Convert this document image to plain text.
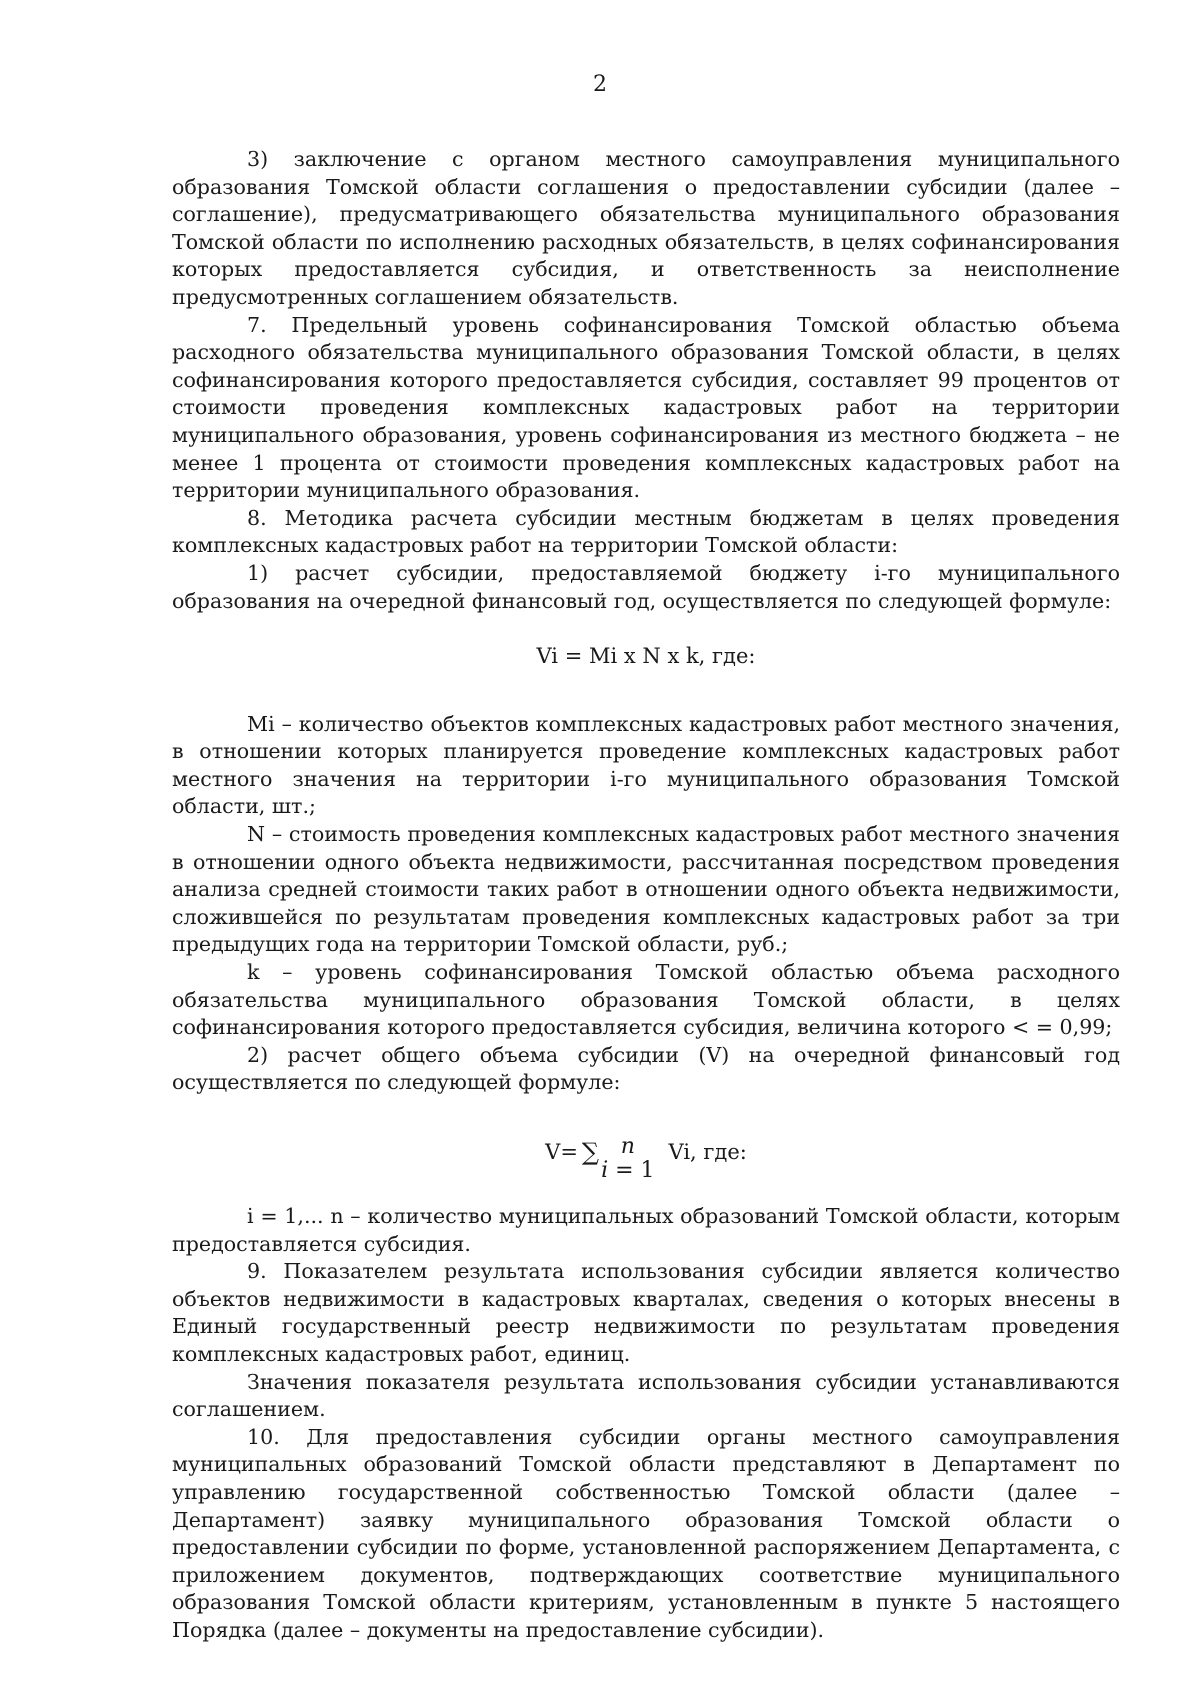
2

3) заключение с органом местного самоуправления муниципального образования Томской области соглашения о предоставлении субсидии (далее – соглашение), предусматривающего обязательства муниципального образования Томской области по исполнению расходных обязательств, в целях софинансирования которых предоставляется субсидия, и ответственность за неисполнение предусмотренных соглашением обязательств.

7. Предельный уровень софинансирования Томской областью объема расходного обязательства муниципального образования Томской области, в целях софинансирования которого предоставляется субсидия, составляет 99 процентов от стоимости проведения комплексных кадастровых работ на территории муниципального образования, уровень софинансирования из местного бюджета – не менее 1 процента от стоимости проведения комплексных кадастровых работ на территории муниципального образования.

8. Методика расчета субсидии местным бюджетам в целях проведения комплексных кадастровых работ на территории Томской области:

1) расчет субсидии, предоставляемой бюджету i-го муниципального образования на очередной финансовый год, осуществляется по следующей формуле:

Vi = Mi x N x k, где:

Mi – количество объектов комплексных кадастровых работ местного значения, в отношении которых планируется проведение комплексных кадастровых работ местного значения на территории i-го муниципального образования Томской области, шт.;

N – стоимость проведения комплексных кадастровых работ местного значения в отношении одного объекта недвижимости, рассчитанная посредством проведения анализа средней стоимости таких работ в отношении одного объекта недвижимости, сложившейся по результатам проведения комплексных кадастровых работ за три предыдущих года на территории Томской области, руб.;

k – уровень софинансирования Томской областью объема расходного обязательства муниципального образования Томской области, в целях софинансирования которого предоставляется субсидия, величина которого < = 0,99;

2) расчет общего объема субсидии (V) на очередной финансовый год осуществляется по следующей формуле:

V= ∑ n
i = 1
Vi, где:

i = 1,... n – количество муниципальных образований Томской области, которым предоставляется субсидия.

9. Показателем результата использования субсидии является количество объектов недвижимости в кадастровых кварталах, сведения о которых внесены в Единый государственный реестр недвижимости по результатам проведения комплексных кадастровых работ, единиц.

Значения показателя результата использования субсидии устанавливаются соглашением.

10. Для предоставления субсидии органы местного самоуправления муниципальных образований Томской области представляют в Департамент по управлению государственной собственностью Томской области (далее – Департамент) заявку муниципального образования Томской области о предоставлении субсидии по форме, установленной распоряжением Департамента, с приложением документов, подтверждающих соответствие муниципального образования Томской области критериям, установленным в пункте 5 настоящего Порядка (далее – документы на предоставление субсидии).
